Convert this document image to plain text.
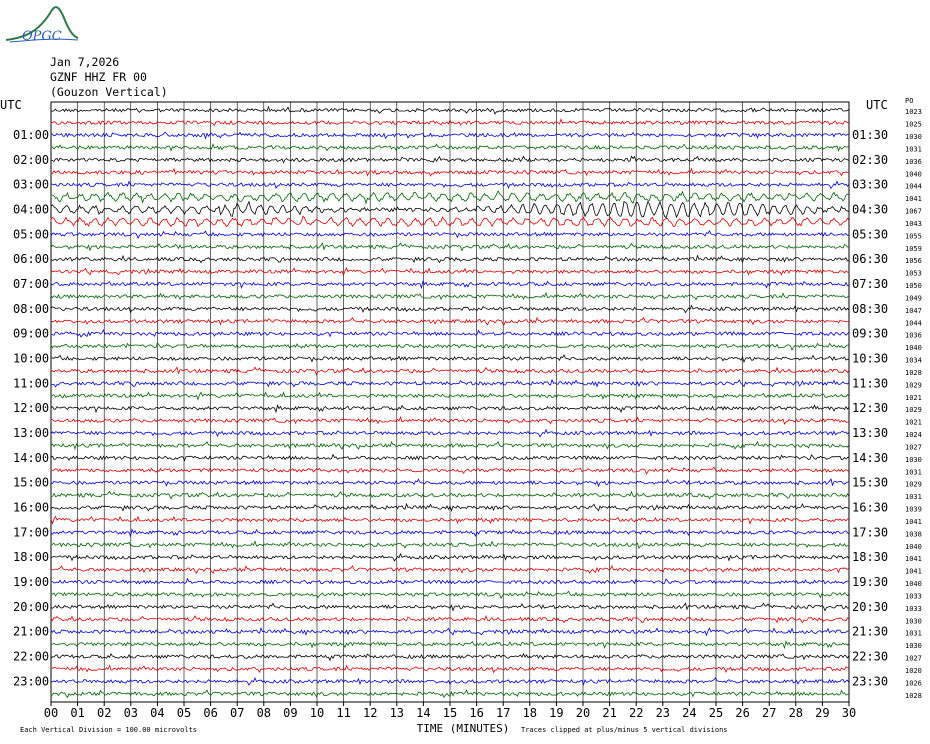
OPGC
Jan 7,2026
GZNF HHZ FR 00
(Gouzon Vertical)
UTC	UTC PO
01:00
02:00
03:00
04:00
05:00
06:00
07:00
08:00
09:00
10:00
11:00
12:00
13:00
14:00
15:00
16:00
17:00
18:00
19:00
20:00
21:00
22:00
23:00
01:30
02:30
03:30
04:30
05:30
06:30
07:30
08:30
09:30
10:30
11:30
12:30
13:30
14:30
15:30
16:30
17:30
18:30
19:30
20:30
21:30
22:30
23:30
1023
1025
1030
1031
1036
1040
1044
1041
1067
1043
1055
1059
1056
1053
1050
1049
1047
1044
1036
1040
1034
1028
1029
1021
1029
1021
1024
1027
1030
1031
1029
1031
1039
1041
1038
1040
1041
1041
1040
1033
1033
1030
1031
1030
1027
1020
1026
1028
00 01 02 03 04 05 06 07 08 09 10 11 12 13 14 15 16 17 18 19 20 21 22 23 24 25 26 27 28 29 30
TIME (MINUTES)
Each Vertical Division = 100.00 microvolts	Traces clipped at plus/minus 5 vertical divisions
